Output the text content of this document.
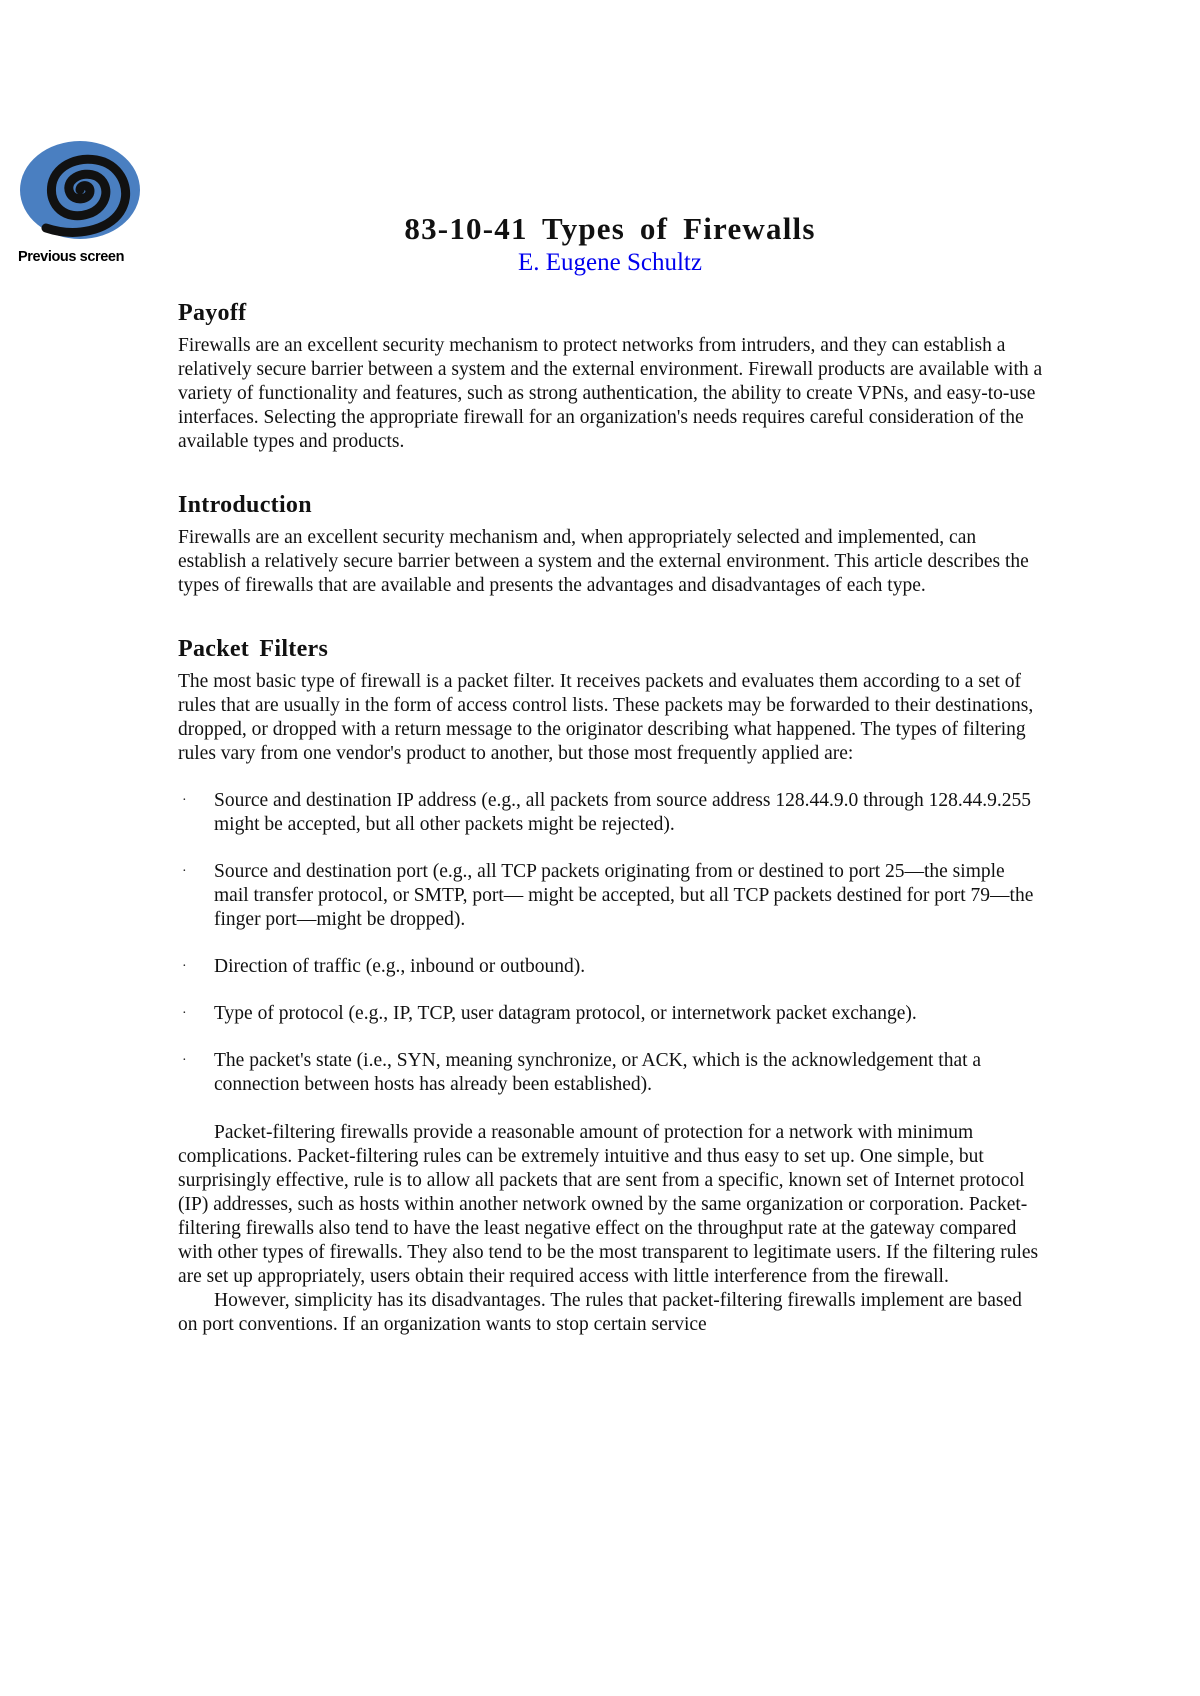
Previous screen
83-10-41 Types of Firewalls

E. Eugene Schultz

Payoff

Firewalls are an excellent security mechanism to protect networks from intruders, and they can establish a relatively secure barrier between a system and the external environment. Firewall products are available with a variety of functionality and features, such as strong authentication, the ability to create VPNs, and easy-to-use interfaces. Selecting the appropriate firewall for an organization's needs requires careful consideration of the available types and products.

Introduction

Firewalls are an excellent security mechanism and, when appropriately selected and implemented, can establish a relatively secure barrier between a system and the external environment. This article describes the types of firewalls that are available and presents the advantages and disadvantages of each type.

Packet Filters

The most basic type of firewall is a packet filter. It receives packets and evaluates them according to a set of rules that are usually in the form of access control lists. These packets may be forwarded to their destinations, dropped, or dropped with a return message to the originator describing what happened. The types of filtering rules vary from one vendor's product to another, but those most frequently applied are:

· Source and destination IP address (e.g., all packets from source address 128.44.9.0 through 128.44.9.255 might be accepted, but all other packets might be rejected).
· Source and destination port (e.g., all TCP packets originating from or destined to port 25—the simple mail transfer protocol, or SMTP, port— might be accepted, but all TCP packets destined for port 79—the finger port—might be dropped).
· Direction of traffic (e.g., inbound or outbound).
· Type of protocol (e.g., IP, TCP, user datagram protocol, or internetwork packet exchange).
· The packet's state (i.e., SYN, meaning synchronize, or ACK, which is the acknowledgement that a connection between hosts has already been established).

Packet-filtering firewalls provide a reasonable amount of protection for a network with minimum complications. Packet-filtering rules can be extremely intuitive and thus easy to set up. One simple, but surprisingly effective, rule is to allow all packets that are sent from a specific, known set of Internet protocol (IP) addresses, such as hosts within another network owned by the same organization or corporation. Packet-filtering firewalls also tend to have the least negative effect on the throughput rate at the gateway compared with other types of firewalls. They also tend to be the most transparent to legitimate users. If the filtering rules are set up appropriately, users obtain their required access with little interference from the firewall.

However, simplicity has its disadvantages. The rules that packet-filtering firewalls implement are based on port conventions. If an organization wants to stop certain service
